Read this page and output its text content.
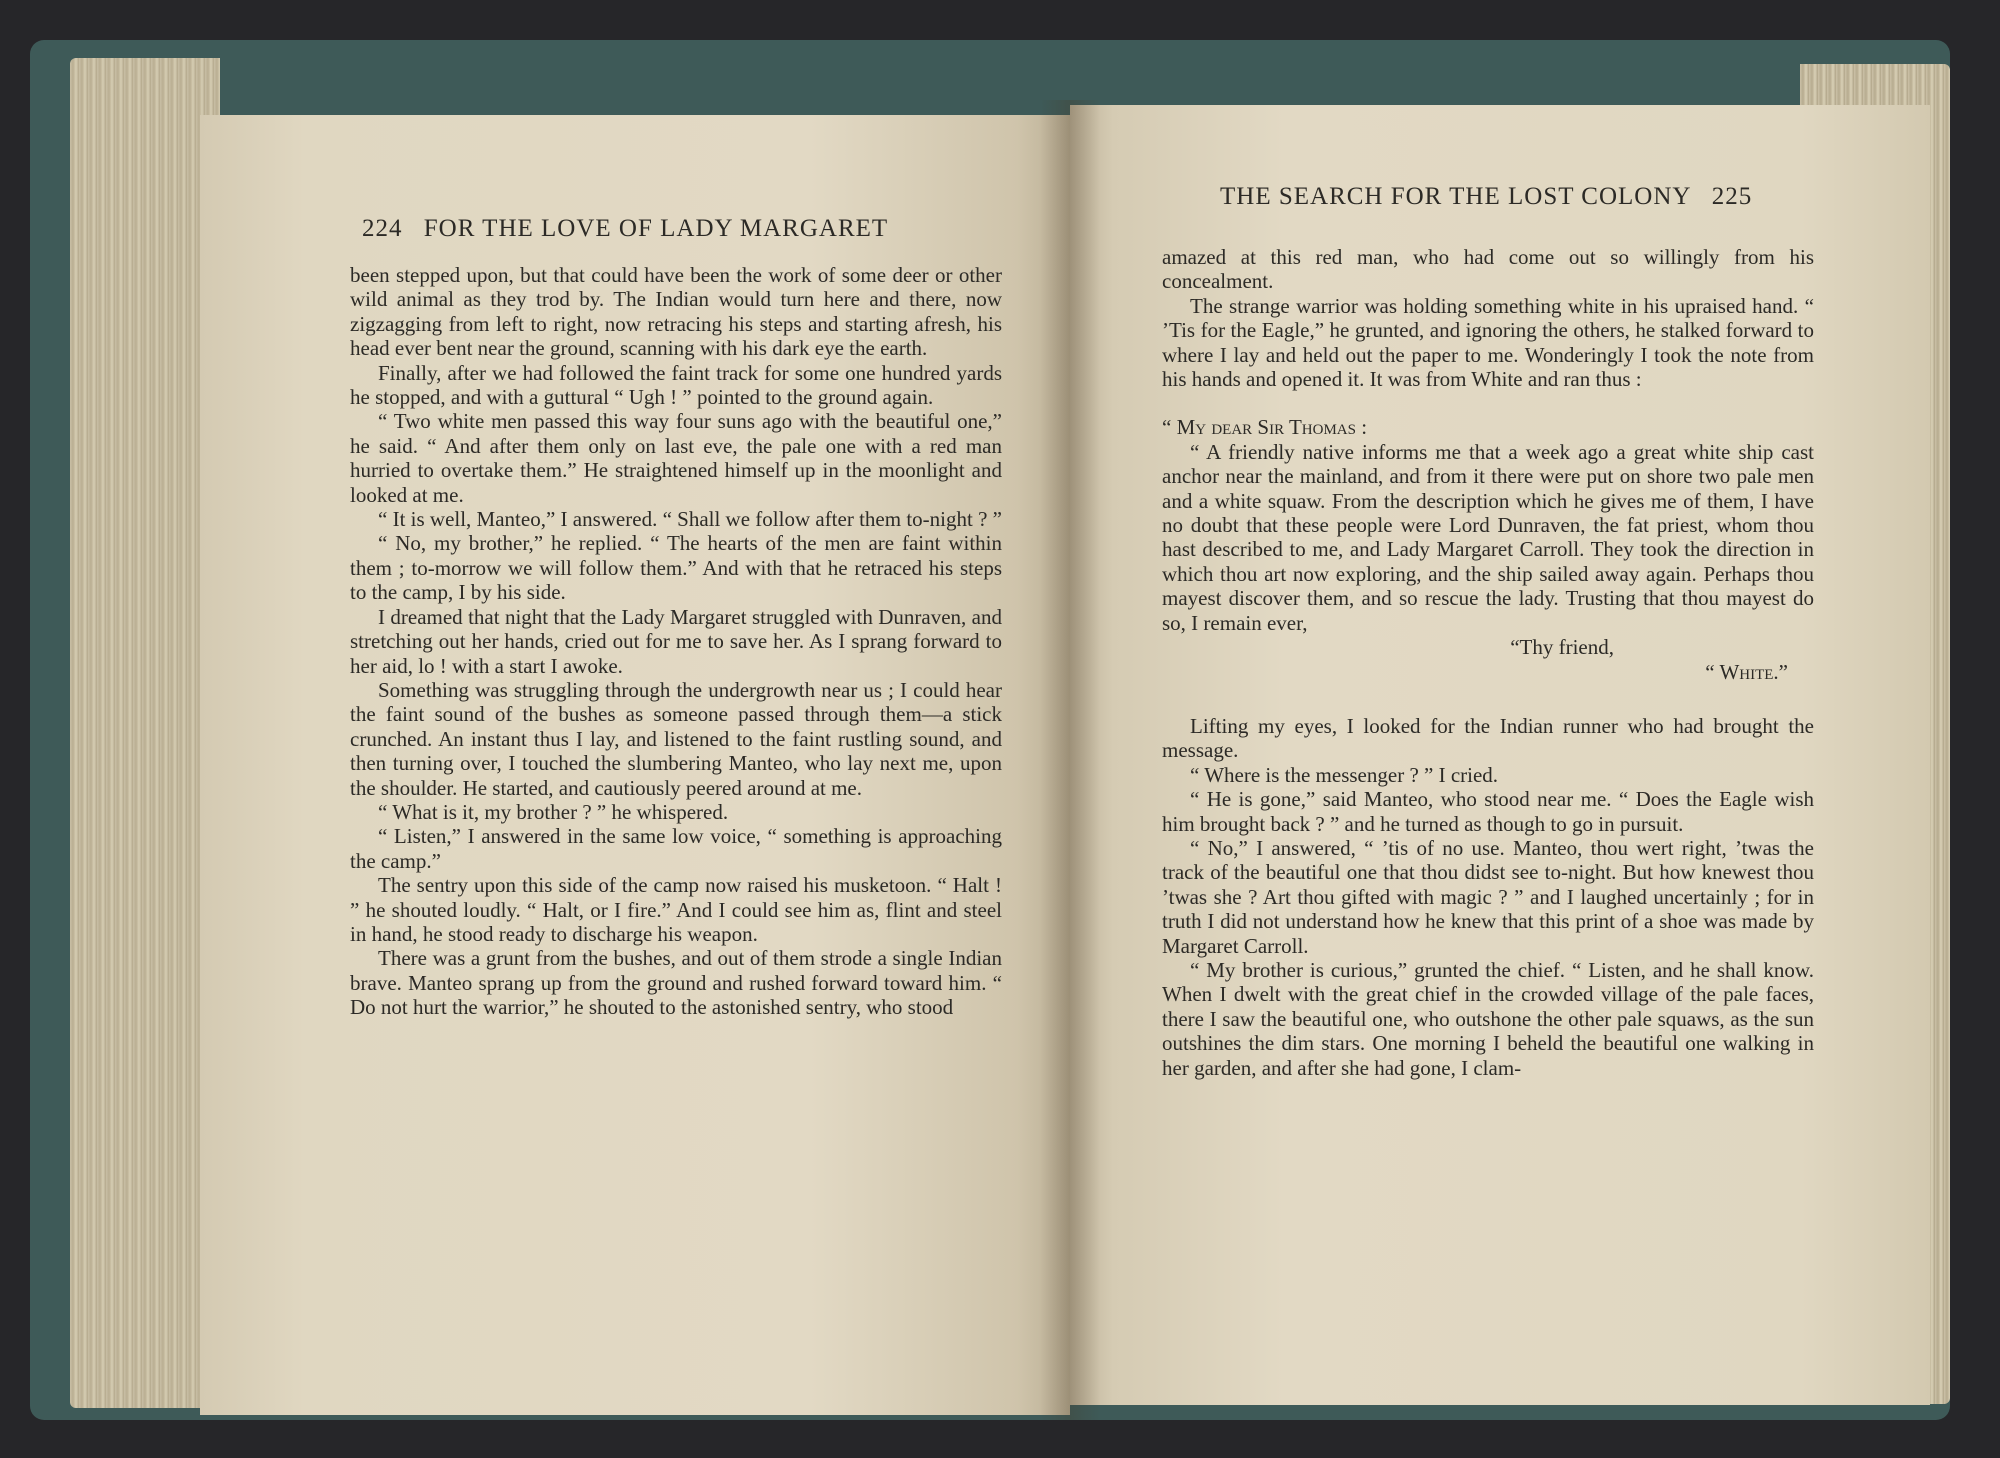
224 FOR THE LOVE OF LADY MARGARET

been stepped upon, but that could have been the work of some deer or other wild animal as they trod by. The Indian would turn here and there, now zigzagging from left to right, now retracing his steps and starting afresh, his head ever bent near the ground, scanning with his dark eye the earth.

Finally, after we had followed the faint track for some one hundred yards he stopped, and with a guttural “ Ugh ! ” pointed to the ground again.

“ Two white men passed this way four suns ago with the beautiful one,” he said. “ And after them only on last eve, the pale one with a red man hurried to overtake them.” He straightened himself up in the moonlight and looked at me.

“ It is well, Manteo,” I answered. “ Shall we follow after them to-night ? ”

“ No, my brother,” he replied. “ The hearts of the men are faint within them ; to-morrow we will follow them.” And with that he retraced his steps to the camp, I by his side.

I dreamed that night that the Lady Margaret struggled with Dunraven, and stretching out her hands, cried out for me to save her. As I sprang forward to her aid, lo ! with a start I awoke.

Something was struggling through the undergrowth near us ; I could hear the faint sound of the bushes as someone passed through them—a stick crunched. An instant thus I lay, and listened to the faint rustling sound, and then turning over, I touched the slumbering Manteo, who lay next me, upon the shoulder. He started, and cautiously peered around at me.

“ What is it, my brother ? ” he whispered.

“ Listen,” I answered in the same low voice, “ something is approaching the camp.”

The sentry upon this side of the camp now raised his musketoon. “ Halt ! ” he shouted loudly. “ Halt, or I fire.” And I could see him as, flint and steel in hand, he stood ready to discharge his weapon.

There was a grunt from the bushes, and out of them strode a single Indian brave. Manteo sprang up from the ground and rushed forward toward him. “ Do not hurt the warrior,” he shouted to the astonished sentry, who stood

THE SEARCH FOR THE LOST COLONY 225

amazed at this red man, who had come out so willingly from his concealment.

The strange warrior was holding something white in his upraised hand. “ ’Tis for the Eagle,” he grunted, and ignoring the others, he stalked forward to where I lay and held out the paper to me. Wonderingly I took the note from his hands and opened it. It was from White and ran thus :

“ My dear Sir Thomas :

“ A friendly native informs me that a week ago a great white ship cast anchor near the mainland, and from it there were put on shore two pale men and a white squaw. From the description which he gives me of them, I have no doubt that these people were Lord Dunraven, the fat priest, whom thou hast described to me, and Lady Margaret Carroll. They took the direction in which thou art now exploring, and the ship sailed away again. Perhaps thou mayest discover them, and so rescue the lady. Trusting that thou mayest do so, I remain ever,

“Thy friend,

“ White.”

Lifting my eyes, I looked for the Indian runner who had brought the message.

“ Where is the messenger ? ” I cried.

“ He is gone,” said Manteo, who stood near me. “ Does the Eagle wish him brought back ? ” and he turned as though to go in pursuit.

“ No,” I answered, “ ’tis of no use. Manteo, thou wert right, ’twas the track of the beautiful one that thou didst see to-night. But how knewest thou ’twas she ? Art thou gifted with magic ? ” and I laughed uncertainly ; for in truth I did not understand how he knew that this print of a shoe was made by Margaret Carroll.

“ My brother is curious,” grunted the chief. “ Listen, and he shall know. When I dwelt with the great chief in the crowded village of the pale faces, there I saw the beautiful one, who outshone the other pale squaws, as the sun outshines the dim stars. One morning I beheld the beautiful one walking in her garden, and after she had gone, I clam-
